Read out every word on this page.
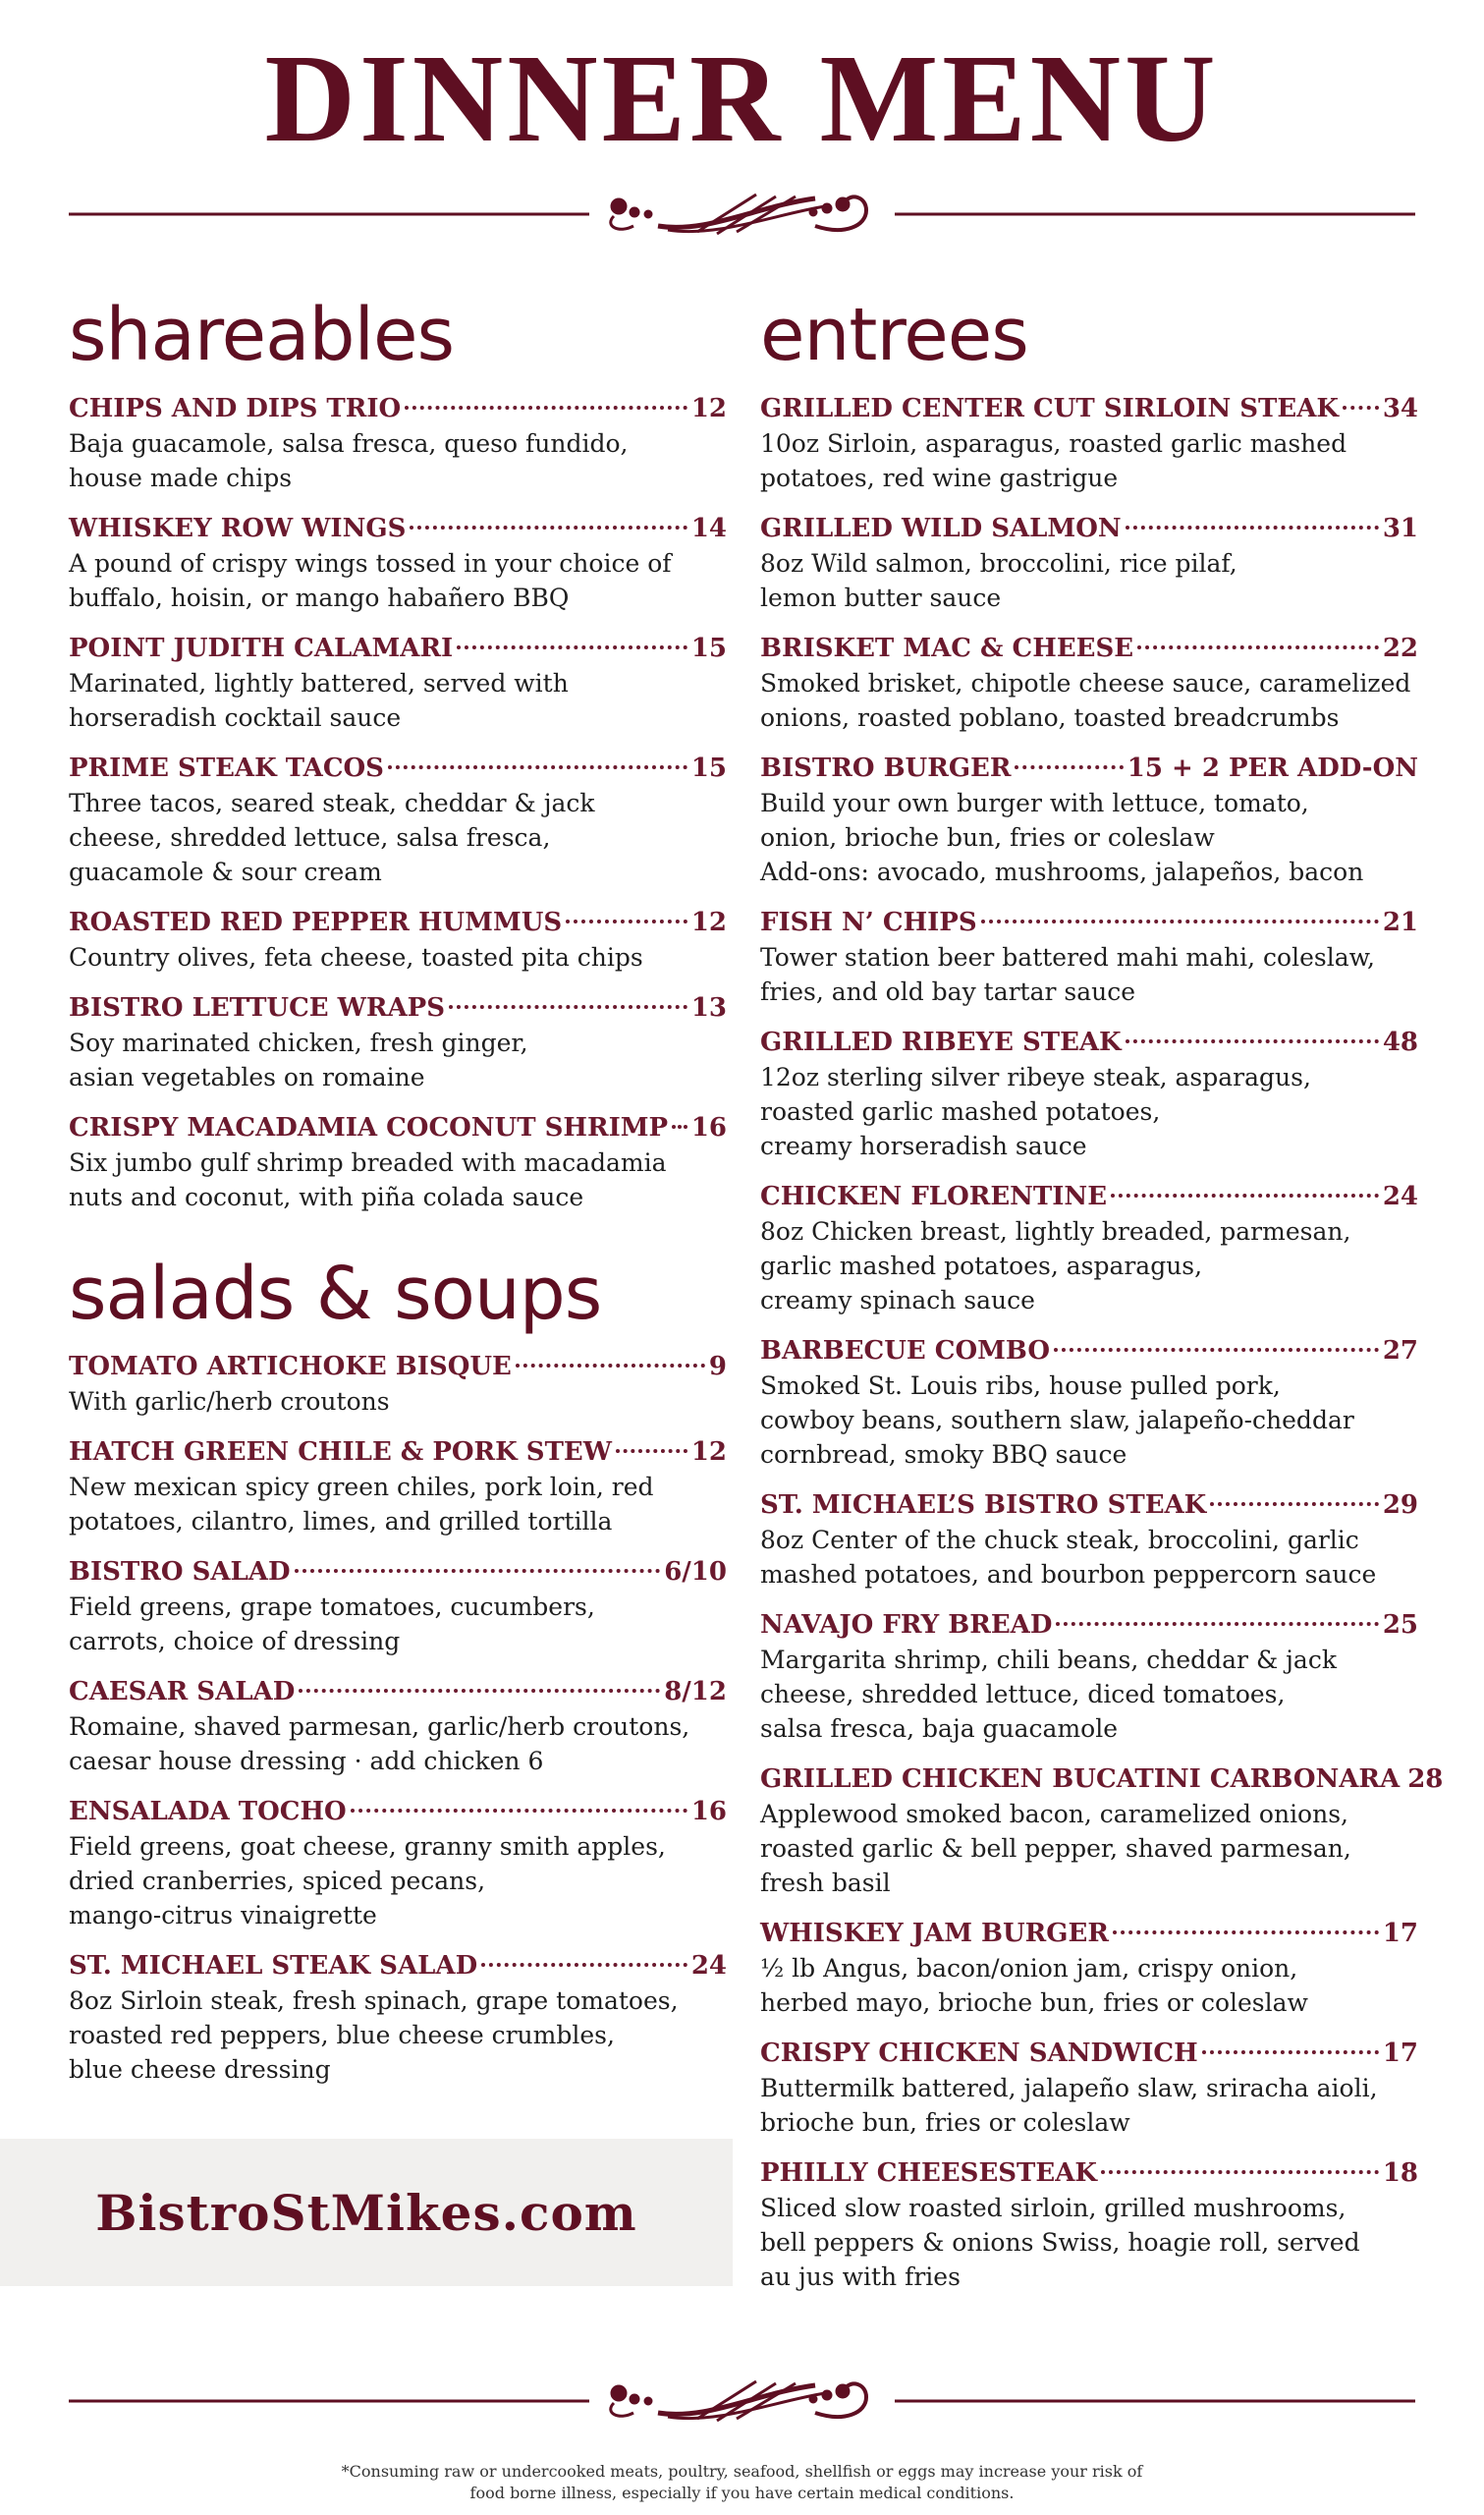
DINNER MENU
shareables
CHIPS AND DIPS TRIO	12
Baja guacamole, salsa fresca, queso fundido,
house made chips
WHISKEY ROW WINGS	14
A pound of crispy wings tossed in your choice of
buffalo, hoisin, or mango habañero BBQ
POINT JUDITH CALAMARI	15
Marinated, lightly battered, served with
horseradish cocktail sauce
PRIME STEAK TACOS	15
Three tacos, seared steak, cheddar & jack
cheese, shredded lettuce, salsa fresca,
guacamole & sour cream
ROASTED RED PEPPER HUMMUS	12
Country olives, feta cheese, toasted pita chips
BISTRO LETTUCE WRAPS	13
Soy marinated chicken, fresh ginger,
asian vegetables on romaine
CRISPY MACADAMIA COCONUT SHRIMP 16
Six jumbo gulf shrimp breaded with macadamia
nuts and coconut, with piña colada sauce
salads & soups
TOMATO ARTICHOKE BISQUE	9
With garlic/herb croutons
HATCH GREEN CHILE & PORK STEW	12
New mexican spicy green chiles, pork loin, red
potatoes, cilantro, limes, and grilled tortilla
BISTRO SALAD	6/10
Field greens, grape tomatoes, cucumbers,
carrots, choice of dressing
CAESAR SALAD	8/12
Romaine, shaved parmesan, garlic/herb croutons,
caesar house dressing · add chicken 6
ENSALADA TOCHO	16
Field greens, goat cheese, granny smith apples,
dried cranberries, spiced pecans,
mango-citrus vinaigrette
ST. MICHAEL STEAK SALAD	24
8oz Sirloin steak, fresh spinach, grape tomatoes,
roasted red peppers, blue cheese crumbles,
blue cheese dressing
entrees
GRILLED CENTER CUT SIRLOIN STEAK 34
10oz Sirloin, asparagus, roasted garlic mashed
potatoes, red wine gastrigue
GRILLED WILD SALMON	31
8oz Wild salmon, broccolini, rice pilaf,
lemon butter sauce
BRISKET MAC & CHEESE	22
Smoked brisket, chipotle cheese sauce, caramelized
onions, roasted poblano, toasted breadcrumbs
BISTRO BURGER	15 + 2 PER ADD-ON
Build your own burger with lettuce, tomato,
onion, brioche bun, fries or coleslaw
Add-ons: avocado, mushrooms, jalapeños, bacon
FISH N’ CHIPS	21
Tower station beer battered mahi mahi, coleslaw,
fries, and old bay tartar sauce
GRILLED RIBEYE STEAK	48
12oz sterling silver ribeye steak, asparagus,
roasted garlic mashed potatoes,
creamy horseradish sauce
CHICKEN FLORENTINE	24
8oz Chicken breast, lightly breaded, parmesan,
garlic mashed potatoes, asparagus,
creamy spinach sauce
BARBECUE COMBO	27
Smoked St. Louis ribs, house pulled pork,
cowboy beans, southern slaw, jalapeño-cheddar
cornbread, smoky BBQ sauce
ST. MICHAEL’S BISTRO STEAK	29
8oz Center of the chuck steak, broccolini, garlic
mashed potatoes, and bourbon peppercorn sauce
NAVAJO FRY BREAD	25
Margarita shrimp, chili beans, cheddar & jack
cheese, shredded lettuce, diced tomatoes,
salsa fresca, baja guacamole
GRILLED CHICKEN BUCATINI CARBONARA 28
Applewood smoked bacon, caramelized onions,
roasted garlic & bell pepper, shaved parmesan,
fresh basil
WHISKEY JAM BURGER	17
½ lb Angus, bacon/onion jam, crispy onion,
herbed mayo, brioche bun, fries or coleslaw
CRISPY CHICKEN SANDWICH	17
Buttermilk battered, jalapeño slaw, sriracha aioli,
brioche bun, fries or coleslaw
PHILLY CHEESESTEAK	18
Sliced slow roasted sirloin, grilled mushrooms,
bell peppers & onions Swiss, hoagie roll, served
au jus with fries
BistroStMikes.com
*Consuming raw or undercooked meats, poultry, seafood, shellfish or eggs may increase your risk of
food borne illness, especially if you have certain medical conditions.
